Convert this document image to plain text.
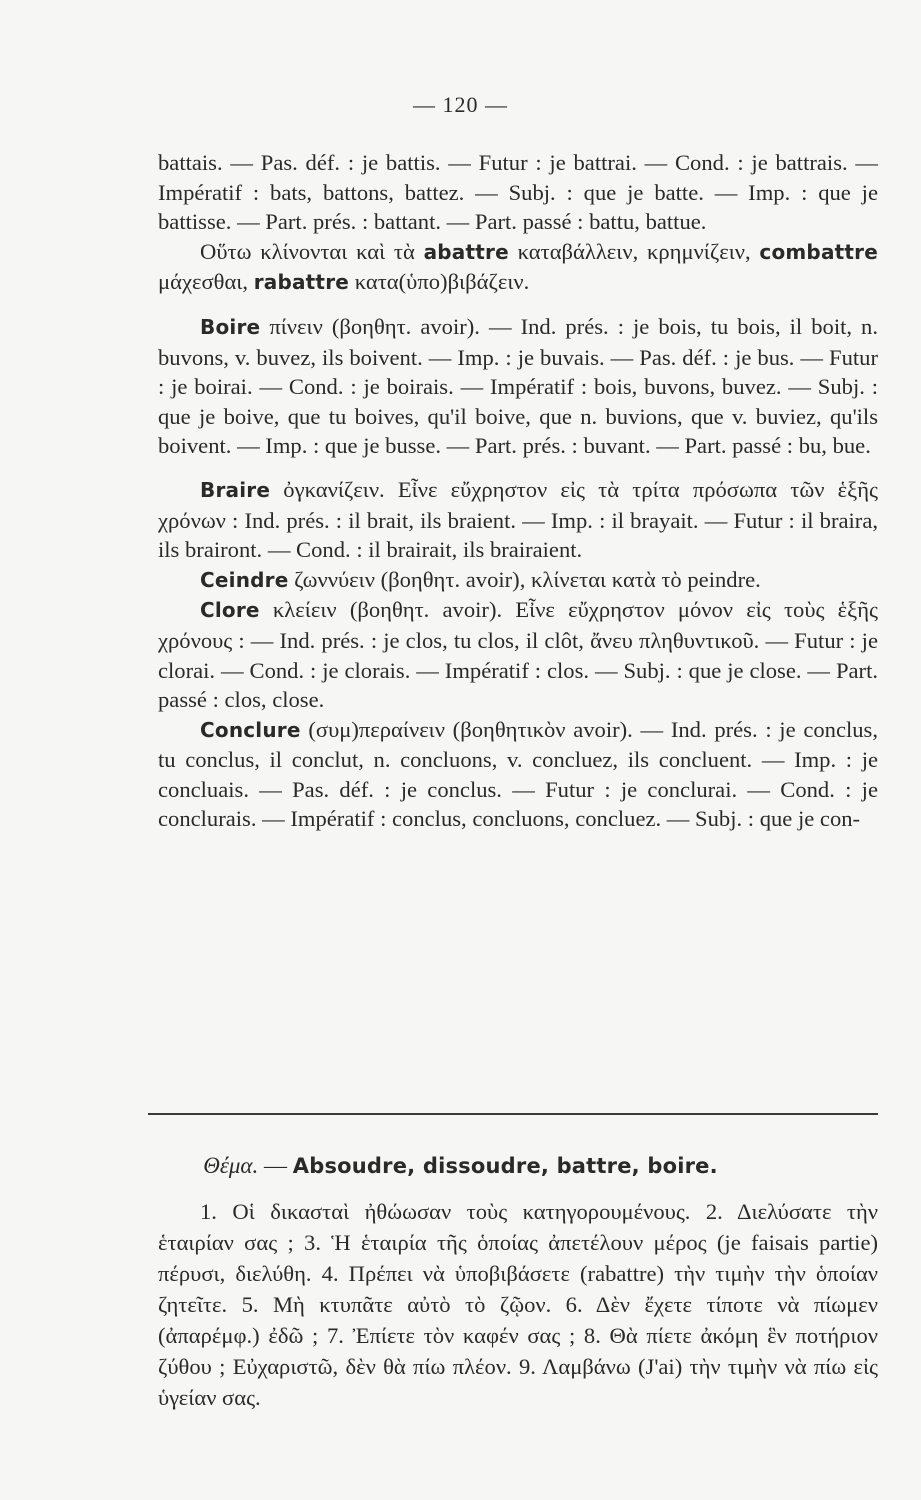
— 120 —

battais. — Pas. déf. : je battis. — Futur : je battrai. — Cond. : je battrais. — Impératif : bats, battons, battez. — Subj. : que je batte. — Imp. : que je battisse. — Part. prés. : battant. — Part. passé : battu, battue.

Οὕτω κλίνονται καὶ τὰ abattre καταβάλλειν, κρημνίζειν, combattre μάχεσθαι, rabattre κατα(ὑπο)βιβάζειν.

Boire πίνειν (βοηθητ. avoir). — Ind. prés. : je bois, tu bois, il boit, n. buvons, v. buvez, ils boivent. — Imp. : je buvais. — Pas. déf. : je bus. — Futur : je boirai. — Cond. : je boirais. — Impératif : bois, buvons, buvez. — Subj. : que je boive, que tu boives, qu'il boive, que n. buvions, que v. buviez, qu'ils boivent. — Imp. : que je busse. — Part. prés. : buvant. — Part. passé : bu, bue.

Braire ὀγκανίζειν. Εἶνε εὔχρηστον εἰς τὰ τρίτα πρόσωπα τῶν ἑξῆς χρόνων : Ind. prés. : il brait, ils braient. — Imp. : il brayait. — Futur : il braira, ils brairont. — Cond. : il brairait, ils brairaient.

Ceindre ζωννύειν (βοηθητ. avoir), κλίνεται κατὰ τὸ peindre.

Clore κλείειν (βοηθητ. avoir). Εἶνε εὔχρηστον μόνον εἰς τοὺς ἑξῆς χρόνους : — Ind. prés. : je clos, tu clos, il clôt, ἄνευ πληθυντικοῦ. — Futur : je clorai. — Cond. : je clorais. — Impératif : clos. — Subj. : que je close. — Part. passé : clos, close.

Conclure (συμ)περαίνειν (βοηθητικὸν avoir). — Ind. prés. : je conclus, tu conclus, il conclut, n. concluons, v. concluez, ils concluent. — Imp. : je concluais. — Pas. déf. : je conclus. — Futur : je conclurai. — Cond. : je conclurais. — Impératif : conclus, concluons, concluez. — Subj. : que je con-

Θέμα. — Absoudre, dissoudre, battre, boire.

1. Οἱ δικασταὶ ἠθώωσαν τοὺς κατηγορουμένους. 2. Διελύσατε τὴν ἑταιρίαν σας ; 3. Ἡ ἑταιρία τῆς ὁποίας ἀπετέλουν μέρος (je faisais partie) πέρυσι, διελύθη. 4. Πρέπει νὰ ὑποβιβάσετε (rabattre) τὴν τιμὴν τὴν ὁποίαν ζητεῖτε. 5. Μὴ κτυπᾶτε αὐτὸ τὸ ζῷον. 6. Δὲν ἔχετε τίποτε νὰ πίωμεν (ἀπαρέμφ.) ἐδῶ ; 7. Ἐπίετε τὸν καφέν σας ; 8. Θὰ πίετε ἀκόμη ἓν ποτήριον ζύθου ; Εὐχαριστῶ, δὲν θὰ πίω πλέον. 9. Λαμβάνω (J'ai) τὴν τιμὴν νὰ πίω εἰς ὑγείαν σας.
